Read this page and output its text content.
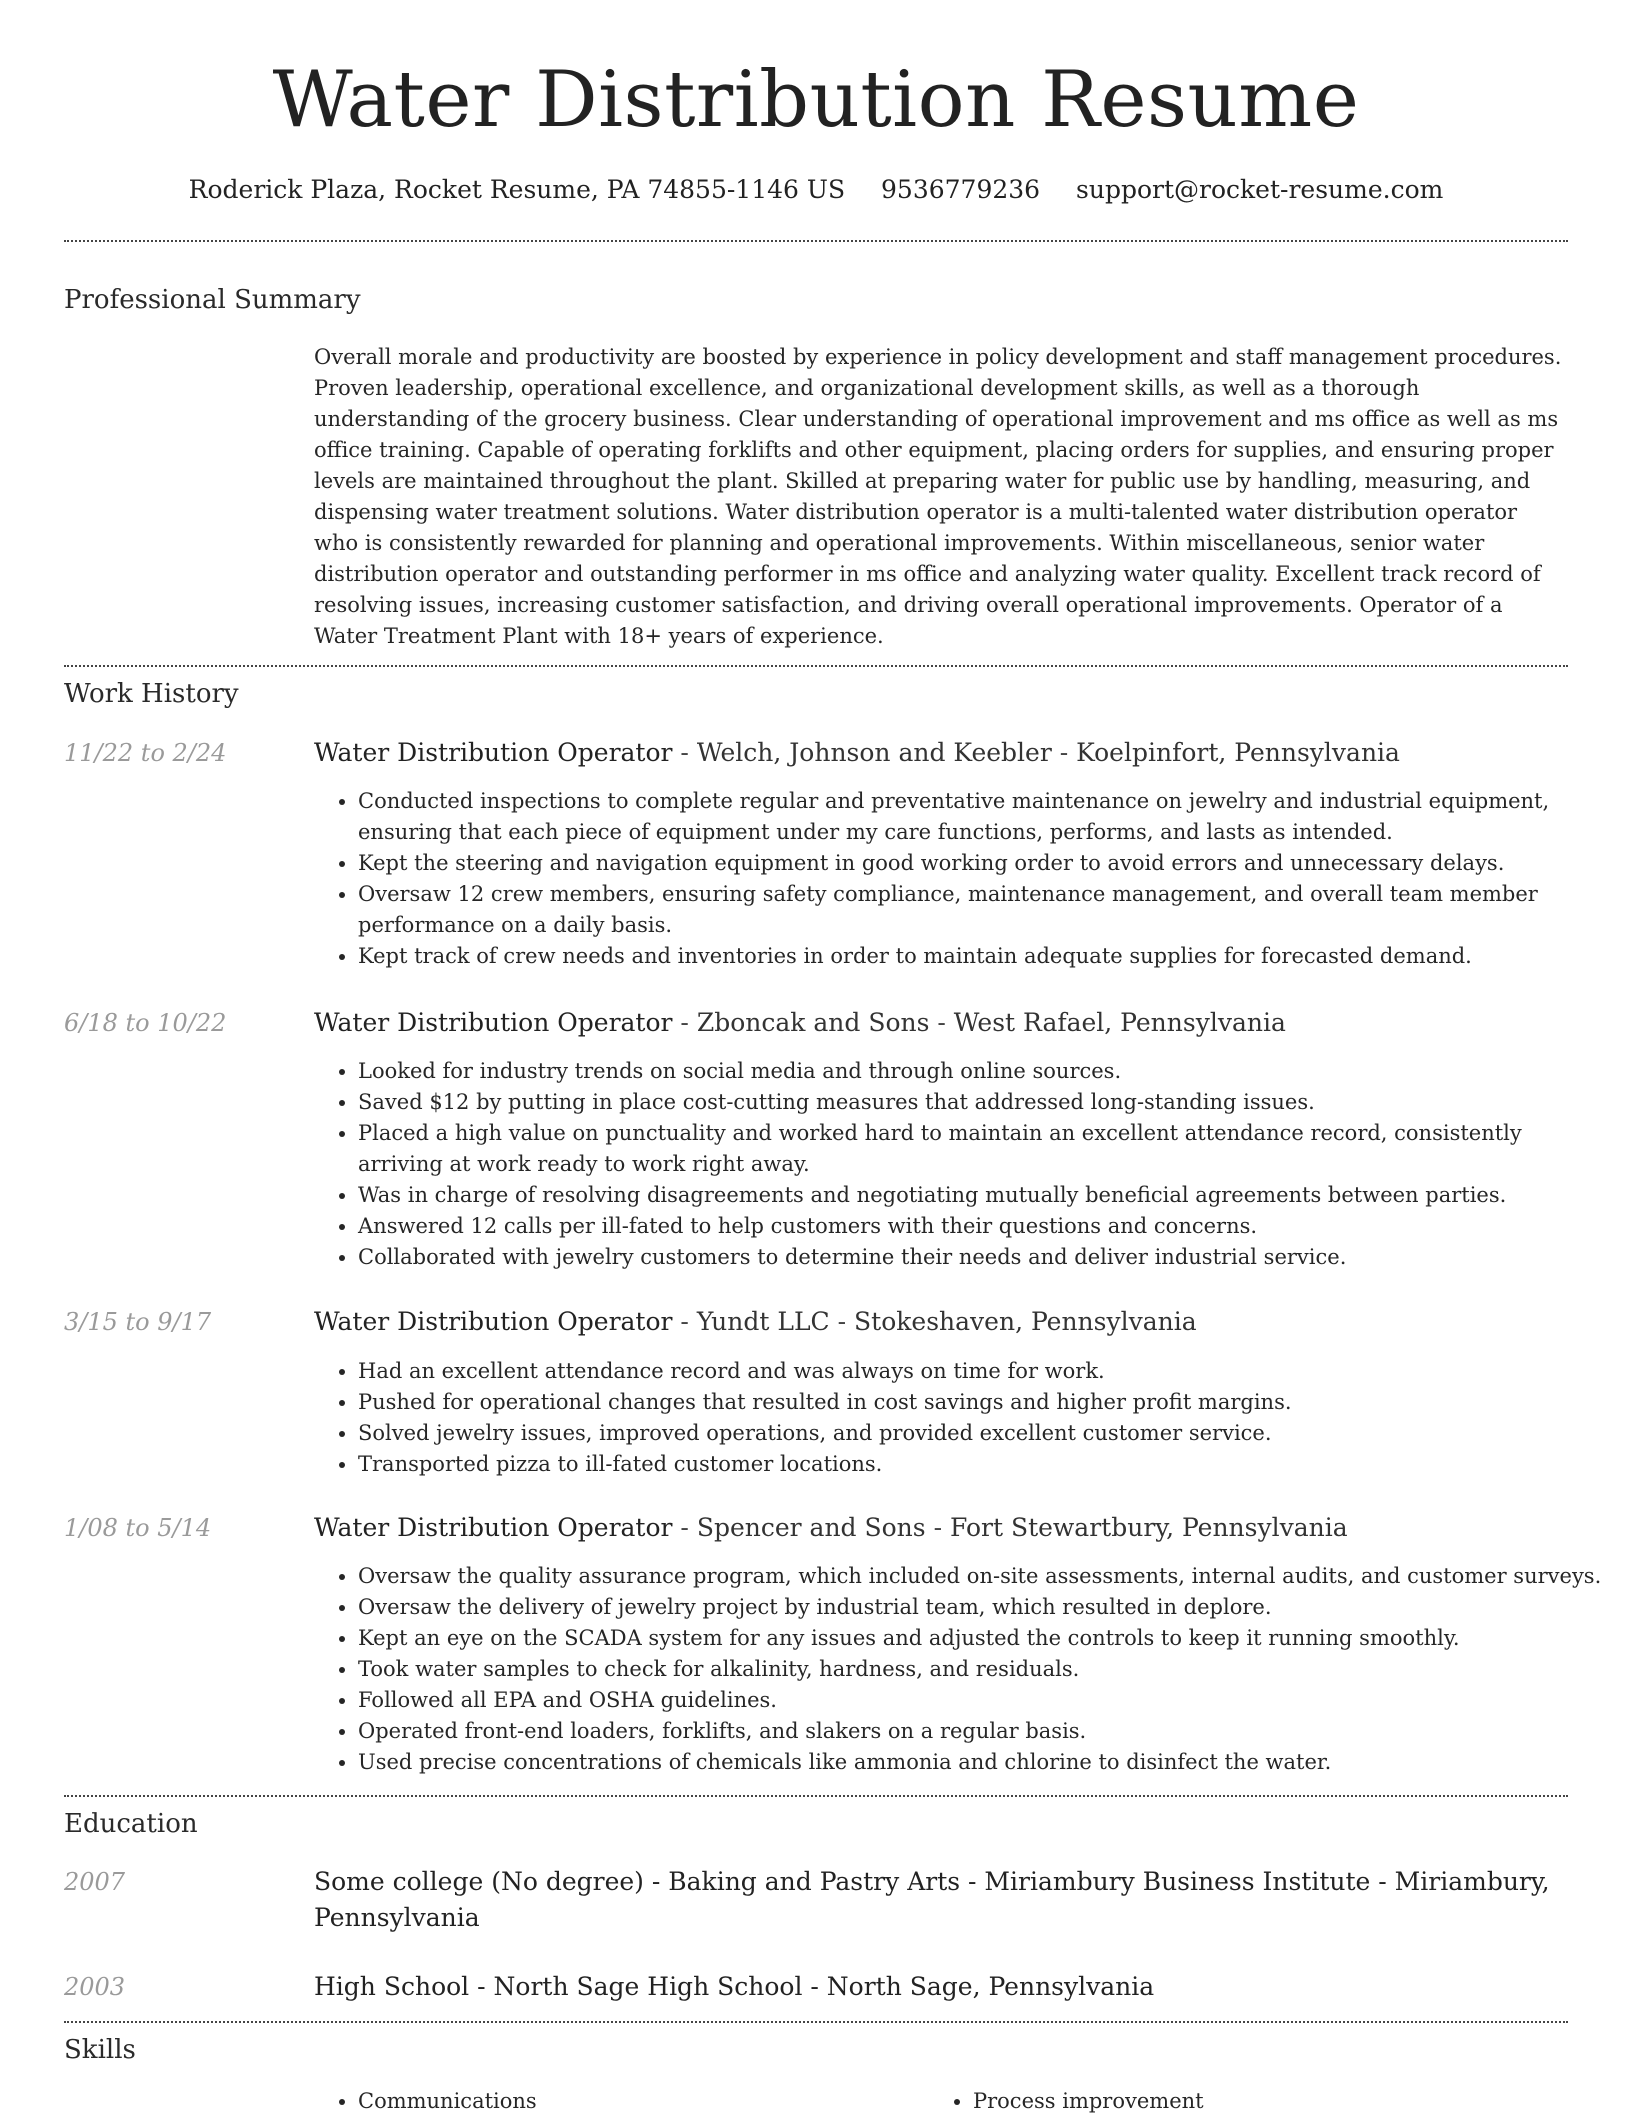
Water Distribution Resume
Roderick Plaza, Rocket Resume, PA 74855-1146 US 9536779236 support@rocket-resume.com
Professional Summary
Overall morale and productivity are boosted by experience in policy development and staff management procedures. Proven leadership, operational excellence, and organizational development skills, as well as a thorough understanding of the grocery business. Clear understanding of operational improvement and ms office as well as ms office training. Capable of operating forklifts and other equipment, placing orders for supplies, and ensuring proper levels are maintained throughout the plant. Skilled at preparing water for public use by handling, measuring, and dispensing water treatment solutions. Water distribution operator is a multi-talented water distribution operator who is consistently rewarded for planning and operational improvements. Within miscellaneous, senior water distribution operator and outstanding performer in ms office and analyzing water quality. Excellent track record of resolving issues, increasing customer satisfaction, and driving overall operational improvements. Operator of a Water Treatment Plant with 18+ years of experience.
Work History
11/22 to 2/24	Water Distribution Operator - Welch, Johnson and Keebler - Koelpinfort, Pennsylvania
• Conducted inspections to complete regular and preventative maintenance on jewelry and industrial equipment, ensuring that each piece of equipment under my care functions, performs, and lasts as intended.
• Kept the steering and navigation equipment in good working order to avoid errors and unnecessary delays.
• Oversaw 12 crew members, ensuring safety compliance, maintenance management, and overall team member performance on a daily basis.
• Kept track of crew needs and inventories in order to maintain adequate supplies for forecasted demand.
6/18 to 10/22	Water Distribution Operator - Zboncak and Sons - West Rafael, Pennsylvania
• Looked for industry trends on social media and through online sources.
• Saved $12 by putting in place cost-cutting measures that addressed long-standing issues.
• Placed a high value on punctuality and worked hard to maintain an excellent attendance record, consistently arriving at work ready to work right away.
• Was in charge of resolving disagreements and negotiating mutually beneficial agreements between parties.
• Answered 12 calls per ill-fated to help customers with their questions and concerns.
• Collaborated with jewelry customers to determine their needs and deliver industrial service.
3/15 to 9/17	Water Distribution Operator - Yundt LLC - Stokeshaven, Pennsylvania
• Had an excellent attendance record and was always on time for work.
• Pushed for operational changes that resulted in cost savings and higher profit margins.
• Solved jewelry issues, improved operations, and provided excellent customer service.
• Transported pizza to ill-fated customer locations.
1/08 to 5/14	Water Distribution Operator - Spencer and Sons - Fort Stewartbury, Pennsylvania
• Oversaw the quality assurance program, which included on-site assessments, internal audits, and customer surveys.
• Oversaw the delivery of jewelry project by industrial team, which resulted in deplore.
• Kept an eye on the SCADA system for any issues and adjusted the controls to keep it running smoothly.
• Took water samples to check for alkalinity, hardness, and residuals.
• Followed all EPA and OSHA guidelines.
• Operated front-end loaders, forklifts, and slakers on a regular basis.
• Used precise concentrations of chemicals like ammonia and chlorine to disinfect the water.
Education
2007	Some college (No degree) - Baking and Pastry Arts - Miriambury Business Institute - Miriambury, Pennsylvania
2003	High School - North Sage High School - North Sage, Pennsylvania
Skills
• Communications
•	Process improvement
